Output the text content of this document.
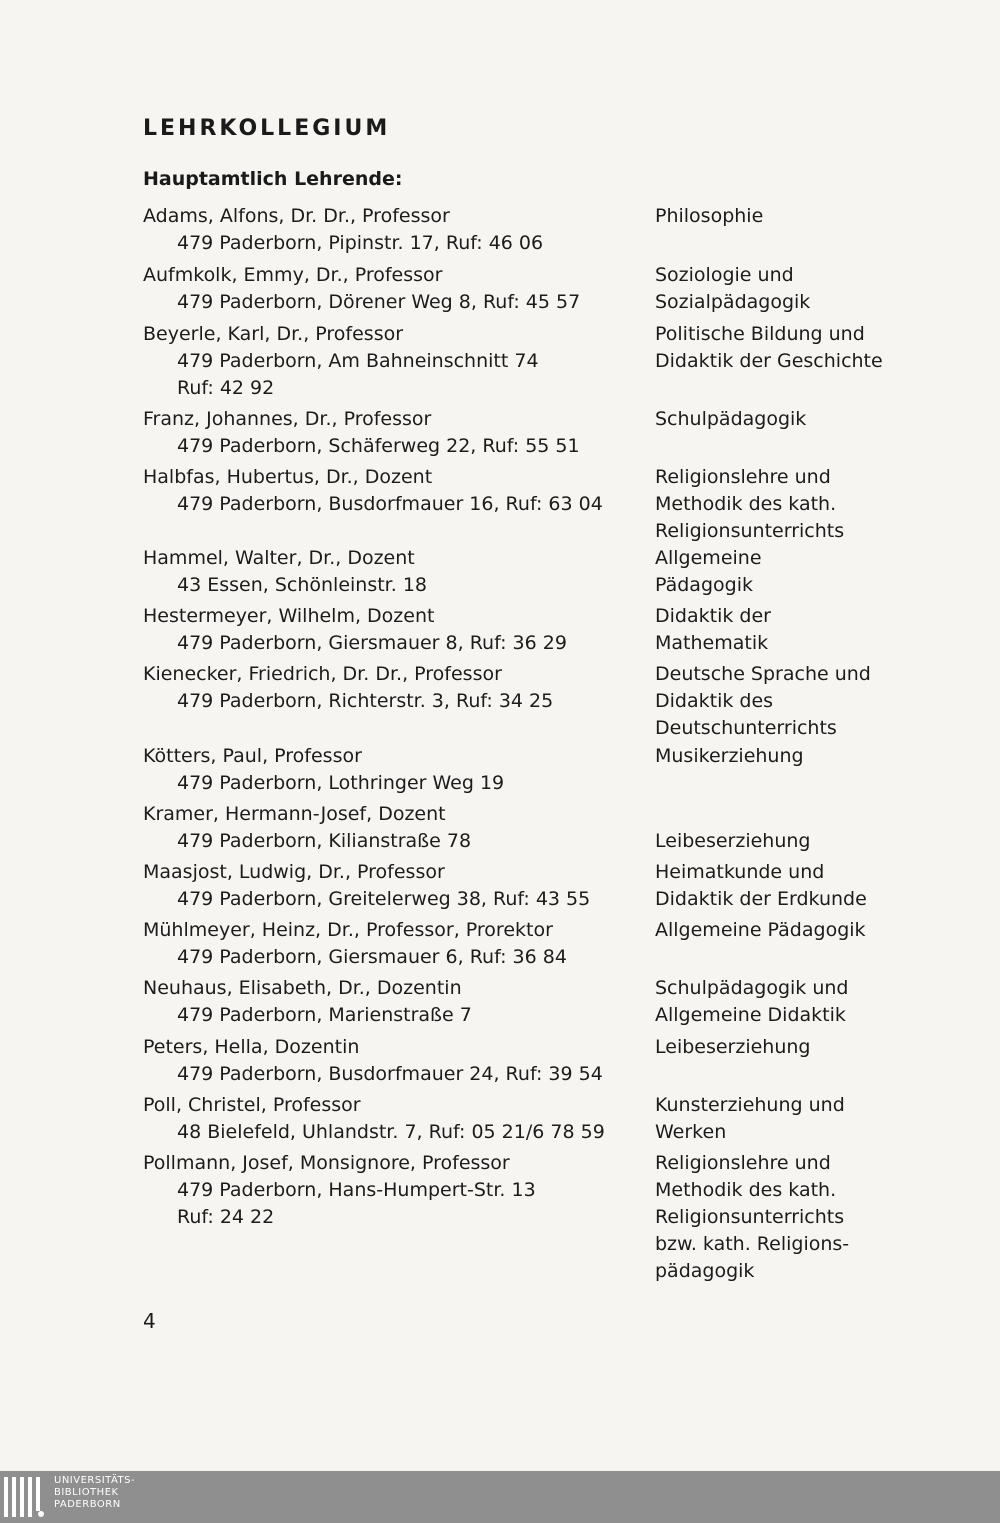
LEHRKOLLEGIUM
Hauptamtlich Lehrende:
Adams, Alfons, Dr. Dr., Professor
479 Paderborn, Pipinstr. 17, Ruf: 46 06
Philosophie
Aufmkolk, Emmy, Dr., Professor
479 Paderborn, Dörener Weg 8, Ruf: 45 57
Soziologie und
Sozialpädagogik
Beyerle, Karl, Dr., Professor
479 Paderborn, Am Bahneinschnitt 74
Ruf: 42 92
Politische Bildung und
Didaktik der Geschichte
Franz, Johannes, Dr., Professor
479 Paderborn, Schäferweg 22, Ruf: 55 51
Schulpädagogik
Halbfas, Hubertus, Dr., Dozent
479 Paderborn, Busdorfmauer 16, Ruf: 63 04
Religionslehre und
Methodik des kath.
Religionsunterrichts
Hammel, Walter, Dr., Dozent
43 Essen, Schönleinstr. 18
Allgemeine
Pädagogik
Hestermeyer, Wilhelm, Dozent
479 Paderborn, Giersmauer 8, Ruf: 36 29
Didaktik der
Mathematik
Kienecker, Friedrich, Dr. Dr., Professor
479 Paderborn, Richterstr. 3, Ruf: 34 25
Deutsche Sprache und
Didaktik des
Deutschunterrichts
Kötters, Paul, Professor
479 Paderborn, Lothringer Weg 19
Musikerziehung
Kramer, Hermann-Josef, Dozent
479 Paderborn, Kilianstraße 78	Leibeserziehung
Maasjost, Ludwig, Dr., Professor
479 Paderborn, Greitelerweg 38, Ruf: 43 55
Heimatkunde und
Didaktik der Erdkunde
Mühlmeyer, Heinz, Dr., Professor, Prorektor
479 Paderborn, Giersmauer 6, Ruf: 36 84
Allgemeine Pädagogik
Neuhaus, Elisabeth, Dr., Dozentin
479 Paderborn, Marienstraße 7
Schulpädagogik und
Allgemeine Didaktik
Peters, Hella, Dozentin
479 Paderborn, Busdorfmauer 24, Ruf: 39 54
Leibeserziehung
Poll, Christel, Professor
48 Bielefeld, Uhlandstr. 7, Ruf: 05 21/6 78 59
Kunsterziehung und
Werken
Pollmann, Josef, Monsignore, Professor
479 Paderborn, Hans-Humpert-Str. 13
Ruf: 24 22
Religionslehre und
Methodik des kath.
Religionsunterrichts
bzw. kath. Religions-
pädagogik
4
UNIVERSITÄTS-
BIBLIOTHEK
PADERBORN
